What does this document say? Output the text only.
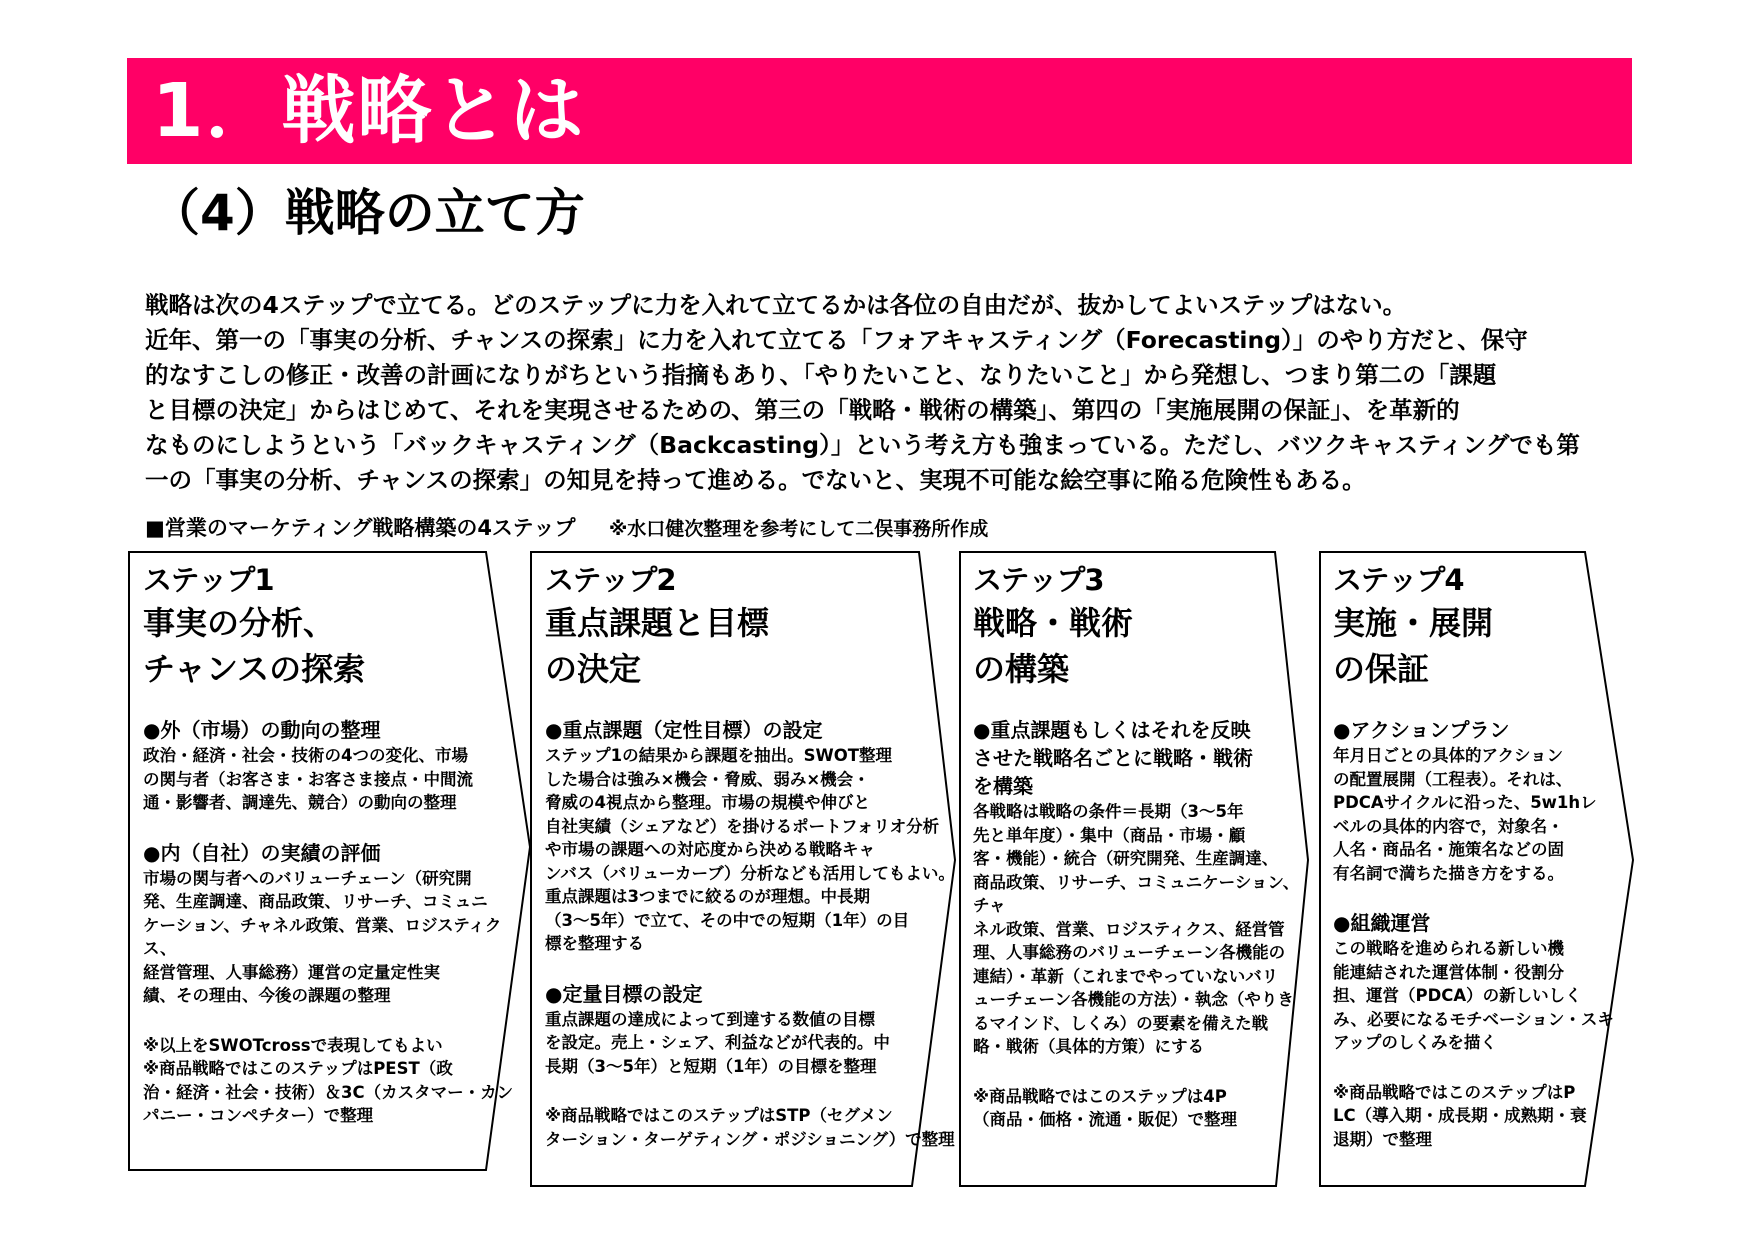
1．戦略とは
（4）戦略の立て方

戦略は次の4ステップで立てる。どのステップに力を入れて立てるかは各位の自由だが、抜かしてよいステップはない。

近年、第一の「事実の分析、チャンスの探索」に力を入れて立てる「フォアキャスティング（Forecasting）」のやり方だと、保守

的なすこしの修正・改善の計画になりがちという指摘もあり、「やりたいこと、なりたいこと」から発想し、つまり第二の「課題

と目標の決定」からはじめて、それを実現させるための、第三の「戦略・戦術の構築」、第四の「実施展開の保証」、を革新的

なものにしようという「バックキャスティング（Backcasting）」という考え方も強まっている。ただし、バツクキャスティングでも第

一の「事実の分析、チャンスの探索」の知見を持って進める。でないと、実現不可能な絵空事に陥る危険性もある。

■営業のマーケティング戦略構築の4ステップ ※水口健次整理を参考にして二俣事務所作成
ステップ1
事実の分析、
チャンスの探索
●外（市場）の動向の整理

政治・経済・社会・技術の4つの変化、市場

の関与者（お客さま・お客さま接点・中間流

通・影響者、調達先、競合）の動向の整理

●内（自社）の実績の評価

市場の関与者へのバリューチェーン（研究開

発、生産調達、商品政策、リサーチ、コミュニ

ケーション、チャネル政策、営業、ロジスティクス、

経営管理、人事総務）運営の定量定性実

績、その理由、今後の課題の整理

※以上をSWOTcrossで表現してもよい

※商品戦略ではこのステップはPEST（政

治・経済・社会・技術）＆3C（カスタマー・カン

パニー・コンペチター）で整理

ステップ2
重点課題と目標
の決定
●重点課題（定性目標）の設定

ステップ1の結果から課題を抽出。SWOT整理

した場合は強み×機会・脅威、弱み×機会・

脅威の4視点から整理。市場の規模や伸びと

自社実績（シェアなど）を掛けるポートフォリオ分析

や市場の課題への対応度から決める戦略キャ

ンバス（バリューカーブ）分析なども活用してもよい。

重点課題は3つまでに絞るのが理想。中長期

（3～5年）で立て、その中での短期（1年）の目

標を整理する

●定量目標の設定

重点課題の達成によって到達する数値の目標

を設定。売上・シェア、利益などが代表的。中

長期（3～5年）と短期（1年）の目標を整理

※商品戦略ではこのステップはSTP（セグメン

ターション・ターゲティング・ポジショニング）で整理

ステップ3
戦略・戦術
の構築
●重点課題もしくはそれを反映
させた戦略名ごとに戦略・戦術
を構築

各戦略は戦略の条件＝長期（3～5年

先と単年度）・集中（商品・市場・顧

客・機能）・統合（研究開発、生産調達、

商品政策、リサーチ、コミュニケーション、チャ

ネル政策、営業、ロジスティクス、経営管

理、人事総務のバリューチェーン各機能の

連結）・革新（これまでやっていないバリ

ューチェーン各機能の方法）・執念（やりき

るマインド、しくみ）の要素を備えた戦

略・戦術（具体的方策）にする

※商品戦略ではこのステップは4P

（商品・価格・流通・販促）で整理

ステップ4
実施・展開
の保証
●アクションプラン

年月日ごとの具体的アクション

の配置展開（工程表）。それは、

PDCAサイクルに沿った、5w1hレ

ベルの具体的内容で，対象名・

人名・商品名・施策名などの固

有名詞で満ちた描き方をする。

●組織運営

この戦略を進められる新しい機

能連結された運営体制・役割分

担、運営（PDCA）の新しいしく

み、必要になるモチベーション・スキ

アップのしくみを描く

※商品戦略ではこのステップはP

LC（導入期・成長期・成熟期・衰

退期）で整理
